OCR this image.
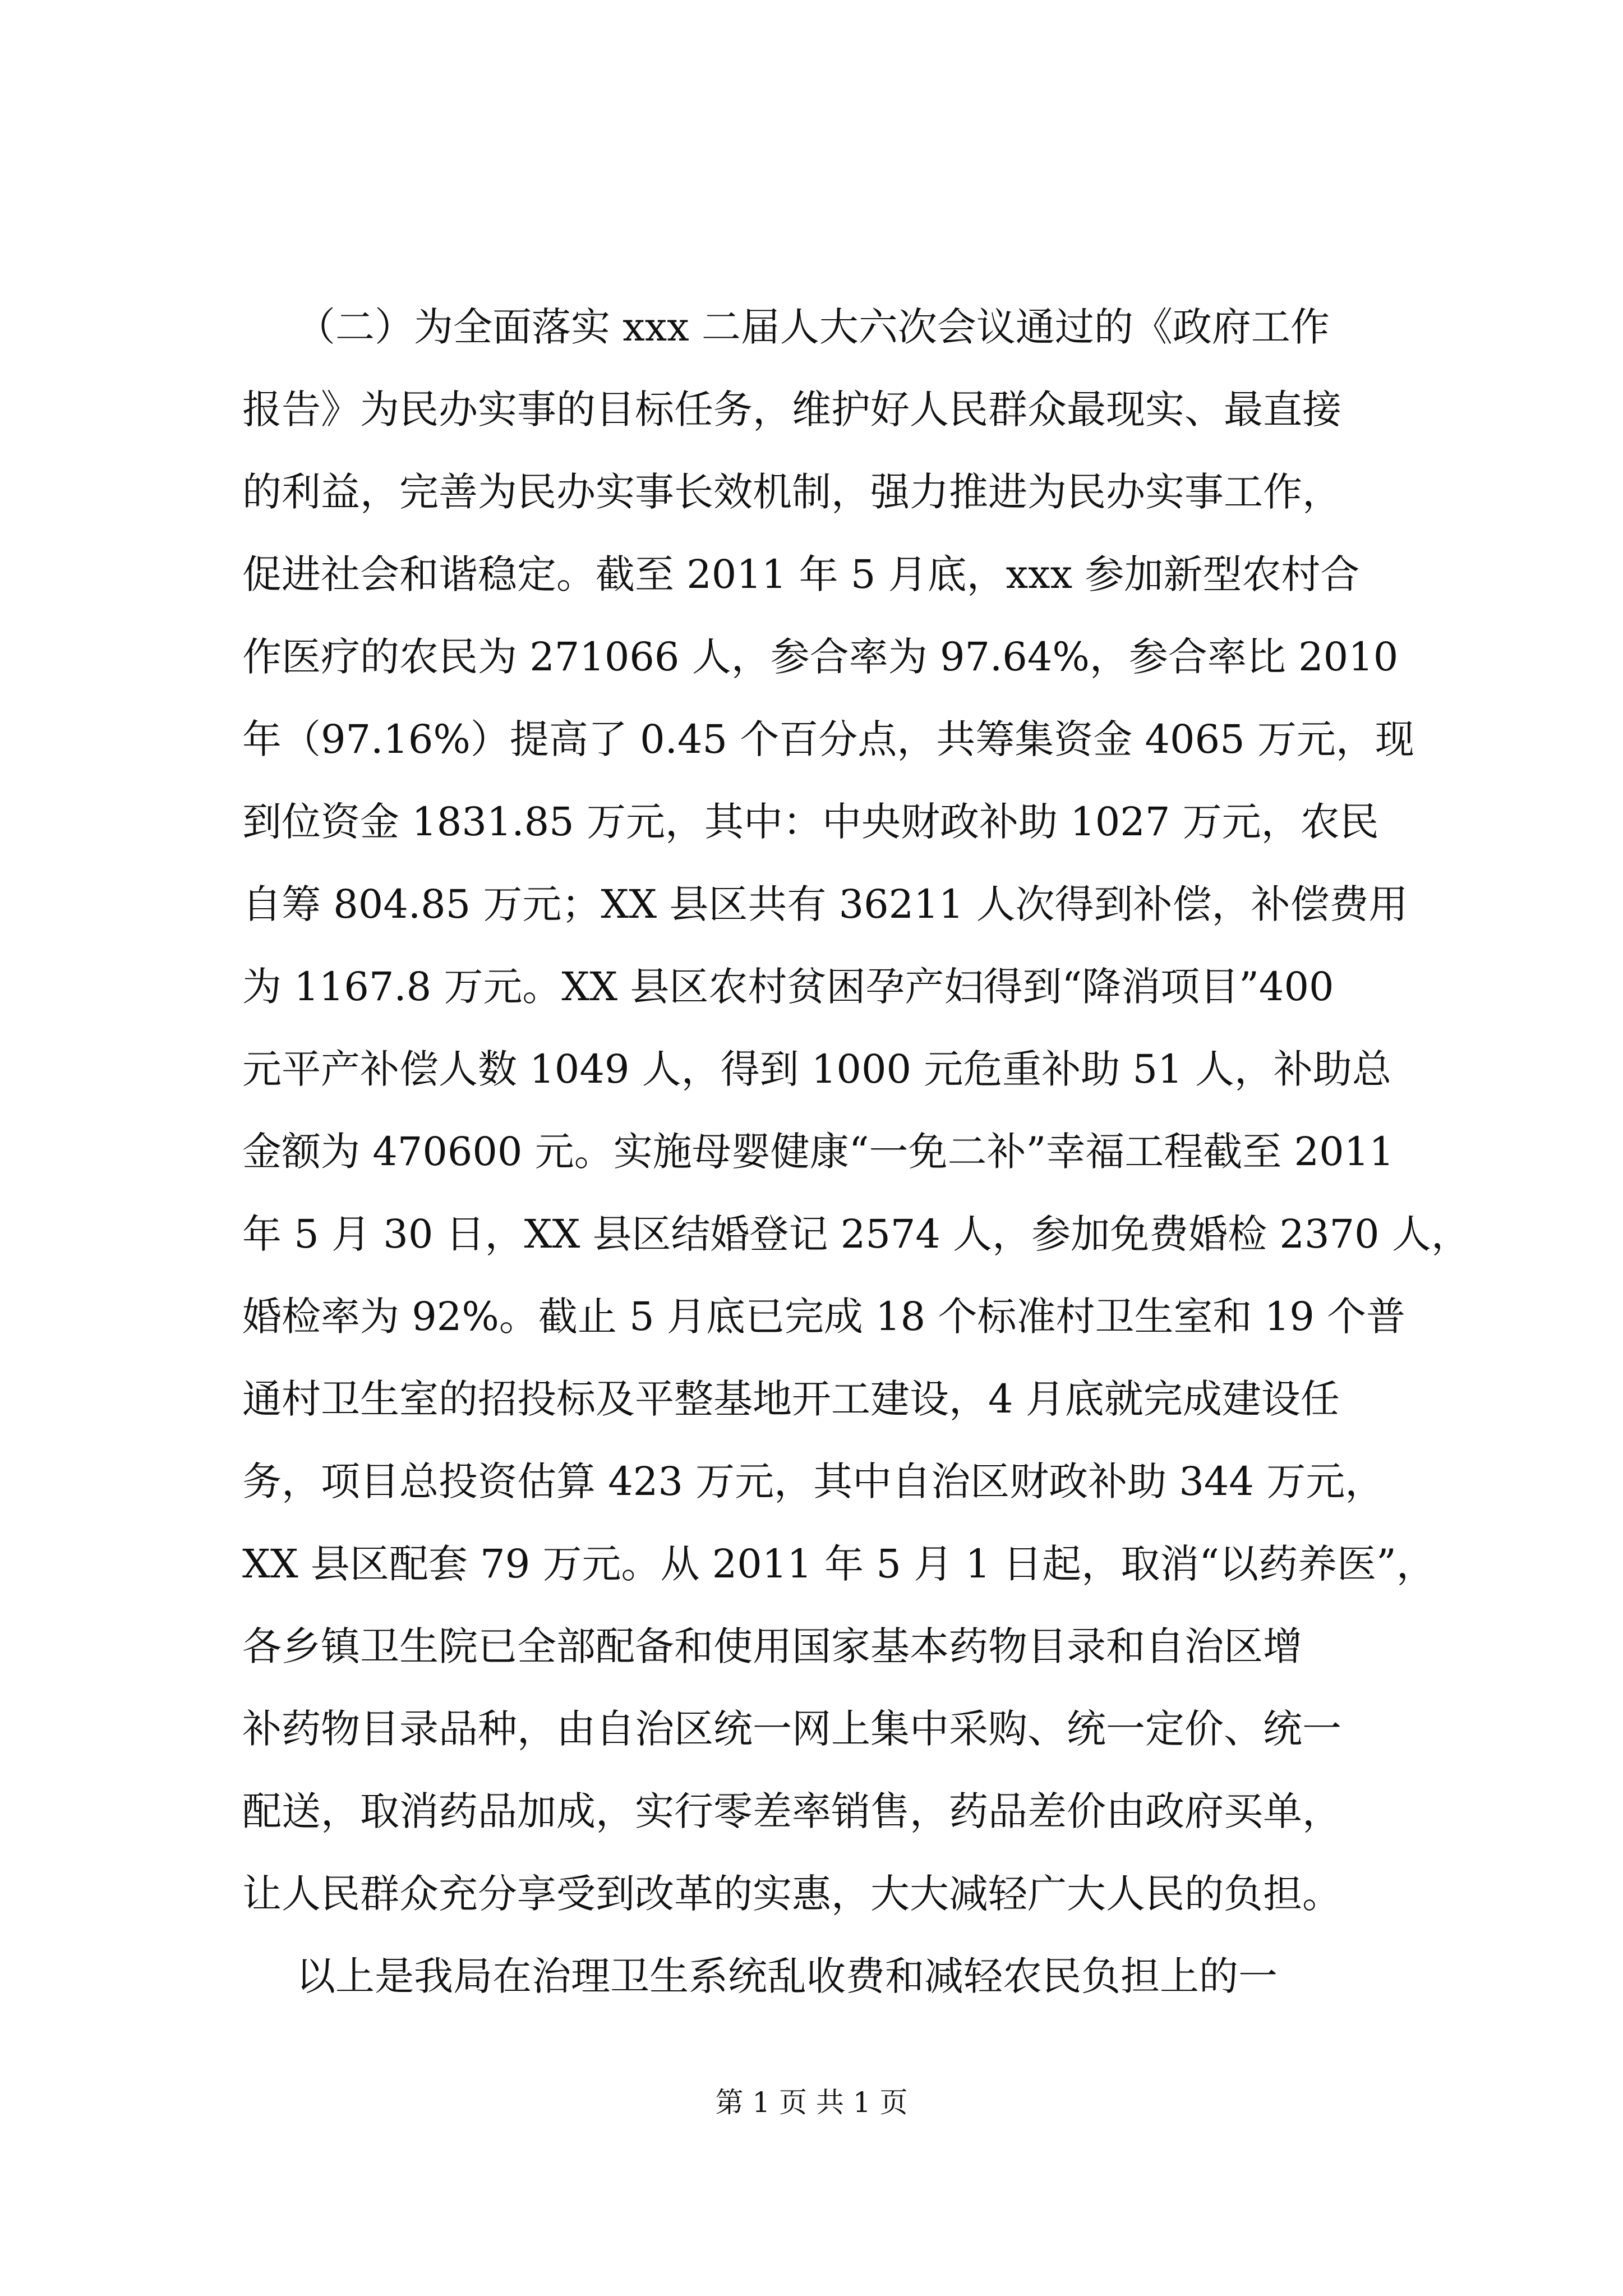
（二）为全面落实 xxx 二届人大六次会议通过的《政府工作
报告》为民办实事的目标任务，维护好人民群众最现实、最直接
的利益，完善为民办实事长效机制，强力推进为民办实事工作，
促进社会和谐稳定。截至 2011 年 5 月底，xxx 参加新型农村合
作医疗的农民为 271066 人，参合率为 97.64%，参合率比 2010
年（97.16%）提高了 0.45 个百分点，共筹集资金 4065 万元，现
到位资金 1831.85 万元，其中：中央财政补助 1027 万元，农民
自筹 804.85 万元；XX 县区共有 36211 人次得到补偿，补偿费用
为 1167.8 万元。XX 县区农村贫困孕产妇得到“降消项目”400
元平产补偿人数 1049 人，得到 1000 元危重补助 51 人，补助总
金额为 470600 元。实施母婴健康“一免二补”幸福工程截至 2011
年 5 月 30 日，XX 县区结婚登记 2574 人，参加免费婚检 2370 人，
婚检率为 92%。截止 5 月底已完成 18 个标准村卫生室和 19 个普
通村卫生室的招投标及平整基地开工建设，4 月底就完成建设任
务，项目总投资估算 423 万元，其中自治区财政补助 344 万元，
XX 县区配套 79 万元。从 2011 年 5 月 1 日起，取消“以药养医”，
各乡镇卫生院已全部配备和使用国家基本药物目录和自治区增
补药物目录品种，由自治区统一网上集中采购、统一定价、统一
配送，取消药品加成，实行零差率销售，药品差价由政府买单，
让人民群众充分享受到改革的实惠，大大减轻广大人民的负担。
以上是我局在治理卫生系统乱收费和减轻农民负担上的一
第 1 页 共 1 页
